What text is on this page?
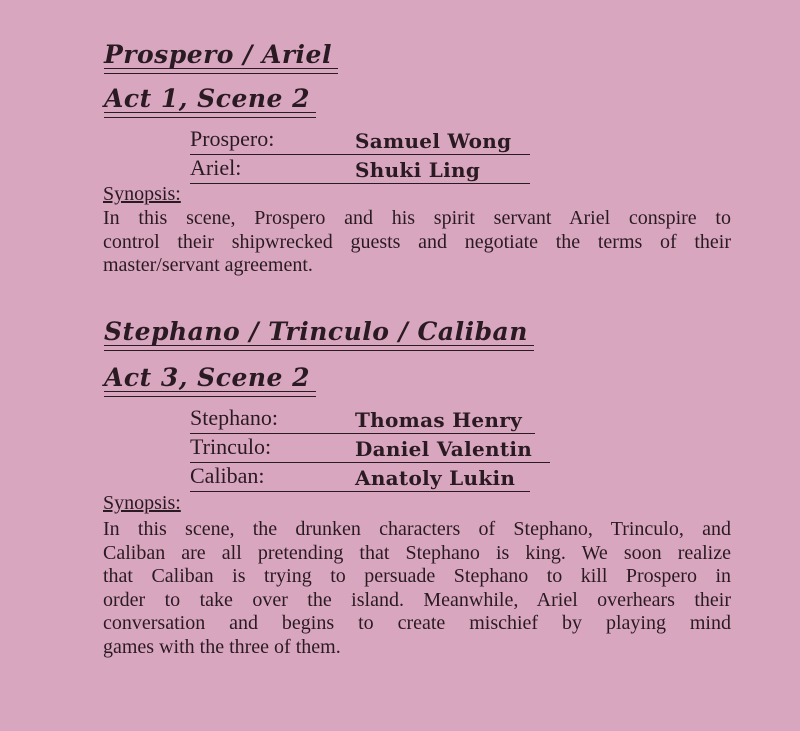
Prospero / Ariel
Act 1, Scene 2
Prospero:	Samuel Wong
Ariel:	Shuki Ling
Synopsis:
In this scene, Prospero and his spirit servant Ariel conspire to
control their shipwrecked guests and negotiate the terms of their
master/servant agreement.
Stephano / Trinculo / Caliban
Act 3, Scene 2
Stephano:	Thomas Henry
Trinculo:	Daniel Valentin
Caliban:	Anatoly Lukin
Synopsis:
In this scene, the drunken characters of Stephano, Trinculo, and
Caliban are all pretending that Stephano is king. We soon realize
that Caliban is trying to persuade Stephano to kill Prospero in
order to take over the island. Meanwhile, Ariel overhears their
conversation and begins to create mischief by playing mind
games with the three of them.
